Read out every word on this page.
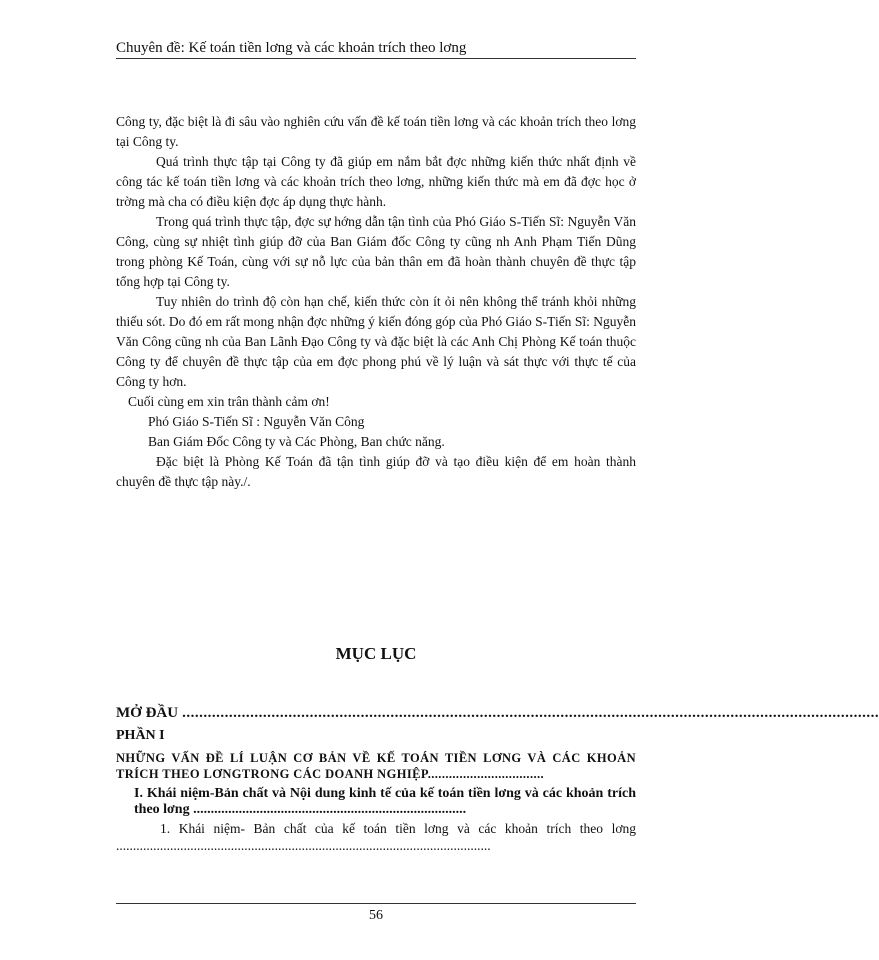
Chuyên đề: Kế toán tiền lơng và các khoản trích theo lơng

Công ty, đặc biệt là đi sâu vào nghiên cứu vấn đề kế toán tiền lơng và các khoản trích theo lơng tại Công ty.

Quá trình thực tập tại Công ty đã giúp em nắm bắt đợc những kiến thức nhất định về công tác kế toán tiền lơng và các khoản trích theo lơng, những kiến thức mà em đã đợc học ở trờng mà cha có điều kiện đợc áp dụng thực hành.

Trong quá trình thực tập, đợc sự hớng dẫn tận tình của Phó Giáo S-Tiến Sĩ: Nguyễn Văn Công, cùng sự nhiệt tình giúp đỡ của Ban Giám đốc Công ty cũng nh Anh Phạm Tiến Dũng trong phòng Kế Toán, cùng với sự nỗ lực của bản thân em đã hoàn thành chuyên đề thực tập tổng hợp tại Công ty.

Tuy nhiên do trình độ còn hạn chế, kiến thức còn ít ỏi nên không thể tránh khỏi những thiếu sót. Do đó em rất mong nhận đợc những ý kiến đóng góp của Phó Giáo S-Tiến Sĩ: Nguyễn Văn Công cũng nh của Ban Lãnh Đạo Công ty và đặc biệt là các Anh Chị Phòng Kế toán thuộc Công ty để chuyên đề thực tập của em đợc phong phú về lý luận và sát thực với thực tế của Công ty hơn.

Cuối cùng em xin trân thành cảm ơn!

Phó Giáo S-Tiến Sĩ : Nguyễn Văn Công

Ban Giám Đốc Công ty và Các Phòng, Ban chức năng.

Đặc biệt là Phòng Kế Toán đã tận tình giúp đỡ và tạo điều kiện để em hoàn thành chuyên đề thực tập này./.

MỤC LỤC
MỞ ĐẦU ....................................................................................................................................................................
PHẦN I
NHỮNG VẤN ĐỀ LÍ LUẬN CƠ BẢN VỀ KẾ TOÁN TIỀN LƠNG VÀ CÁC KHOẢN TRÍCH THEO LƠNGTRONG CÁC DOANH NGHIỆP.................................
I. Khái niệm-Bản chất và Nội dung kinh tế của kế toán tiền lơng và các khoản trích theo lơng ..............................................................................
1. Khái niệm- Bản chất của kế toán tiền lơng và các khoản trích theo lơng ...............................................................................................................
56
